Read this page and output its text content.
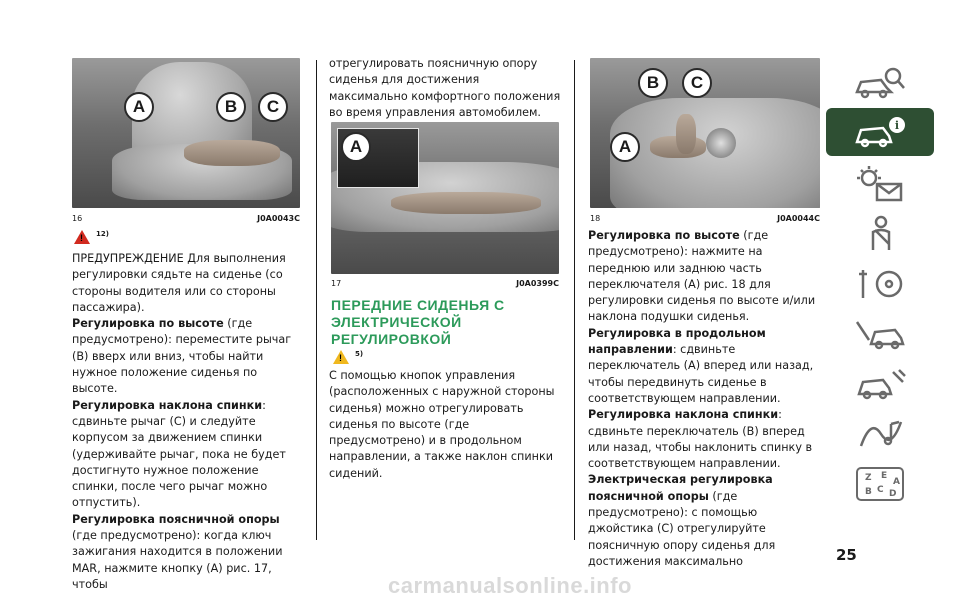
A	B	C
16	J0A0043C
!
12)

ПРЕДУПРЕЖДЕНИЕ Для выполнения регулировки сядьте на сиденье (со стороны водителя или со стороны пассажира).

Регулировка по высоте (где предусмотрено): переместите рычаг (B) вверх или вниз, чтобы найти нужное положение сиденья по высоте.

Регулировка наклона спинки: сдвиньте рычаг (C) и следуйте корпусом за движением спинки (удерживайте рычаг, пока не будет достигнуто нужное положение спинки, после чего рычаг можно отпустить).

Регулировка поясничной опоры (где предусмотрено): когда ключ зажигания находится в положении MAR, нажмите кнопку (A) рис. 17, чтобы

отрегулировать поясничную опору сиденья для достижения максимально комфортного положения во время управления автомобилем.

A
17	J0A0399C
ПЕРЕДНИЕ СИДЕНЬЯ С ЭЛЕКТРИЧЕСКОЙ РЕГУЛИРОВКОЙ
!
5)

С помощью кнопок управления (расположенных с наружной стороны сиденья) можно отрегулировать сиденья по высоте (где предусмотрено) и в продольном направлении, а также наклон спинки сидений.

B	C
A
18	J0A0044C

Регулировка по высоте (где предусмотрено): нажмите на переднюю или заднюю часть переключателя (A) рис. 18 для регулировки сиденья по высоте и/или наклона подушки сиденья.

Регулировка в продольном направлении: сдвиньте переключатель (A) вперед или назад, чтобы передвинуть сиденье в соответствующем направлении.

Регулировка наклона спинки: сдвиньте переключатель (B) вперед или назад, чтобы наклонить спинку в соответствующем направлении.

Электрическая регулировка поясничной опоры (где предусмотрено): с помощью джойстика (C) отрегулируйте поясничную опору сиденья для достижения максимально

i
Z E
A
B C D
25
carmanualsonline.info
